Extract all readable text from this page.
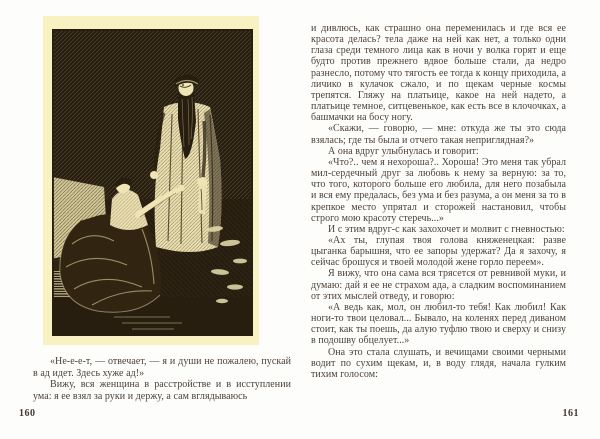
«Не-е-е-т, — отвечает, — я и души не пожалею, пускай в ад идет. Здесь хуже ад!»

Вижу, вся женщина в расстройстве и в исступлении ума: я ее взял за руки и держу, а сам вглядываюсь

160

и дивлюсь, как страшно она переменилась и где вся ее красота делась? тела даже на ней как нет, а только одни глаза среди темного лица как в ночи у волка горят и еще будто против прежнего вдвое больше стали, да недро разнесло, потому что тягость ее тогда к концу приходила, а личико в кулачок сжало, и по щекам черные космы трепятся. Гляжу на платьице, какое на ней надето, а платьице темное, ситцевенькое, как есть все в клочочках, а башмачки на босу ногу.

«Скажи, — говорю, — мне: откуда же ты это сюда взялась; где ты была и отчего такая неприглядная?»

А она вдруг улыбнулась и говорит:

«Что?.. чем я нехороша?.. Хороша! Это меня так убрал мил-сердечный друг за любовь к нему за верную: за то, что того, которого больше его любила, для него позабыла и вся ему предалась, без ума и без разума, а он меня за то в крепкое место упрятал и сторожей настановил, чтобы строго мою красоту стеречь...»

И с этим вдруг-с как захохочет и молвит с гневностью:

«Ах ты, глупая твоя голова княженецкая: разве цыганка барышня, что ее запоры удержат? Да я захочу, я сейчас брошуся и твоей молодой жене горло переем».

Я вижу, что она сама вся трясется от ревнивой муки, и думаю: дай я ее не страхом ада, а сладким воспоминанием от этих мыслей отведу, и говорю:

«А ведь как, мол, он любил-то тебя! Как любил! Как ноги-то твои целовал... Бывало, на коленях перед диваном стоит, как ты поешь, да алую туфлю твою и сверху и снизу в подошву обцелует...»

Она это стала слушать, и вечищами своими черными водит по сухим щекам, и, в воду глядя, начала гулким тихим голосом:

161
